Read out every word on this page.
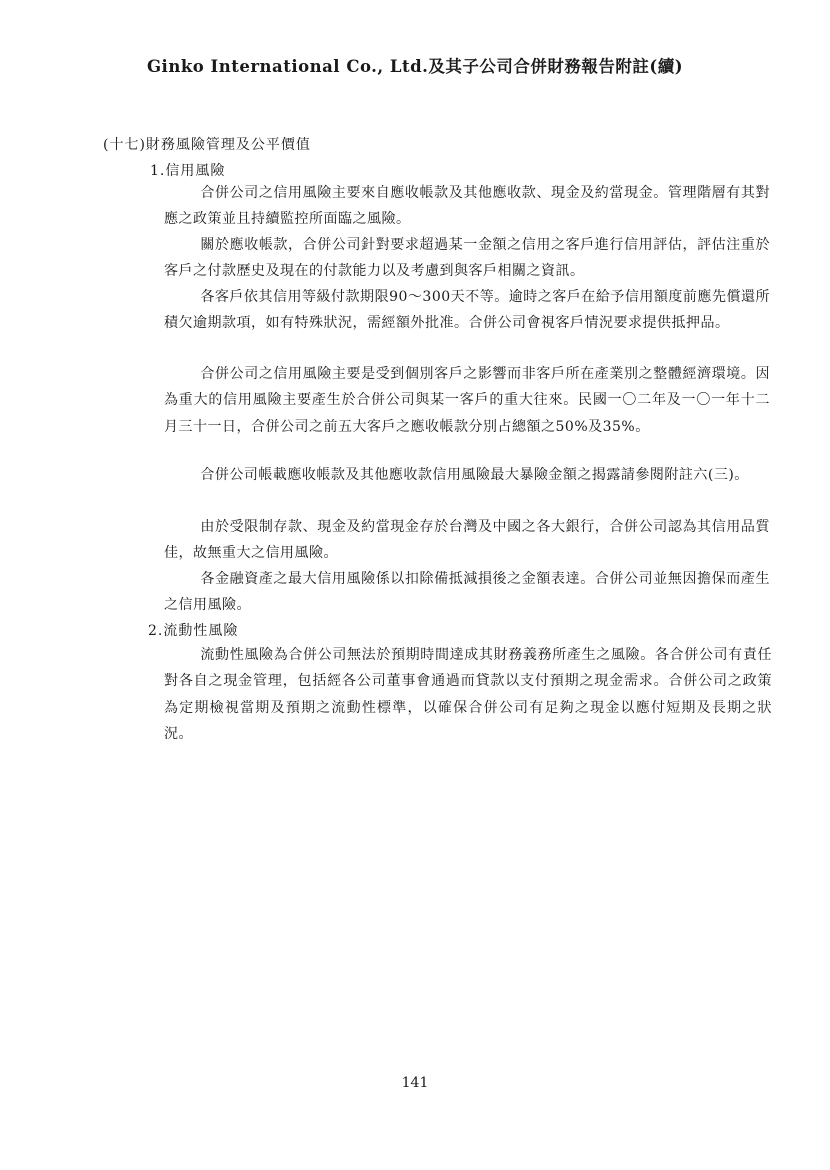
Ginko International Co., Ltd.及其子公司合併財務報告附註(續)
(十七)財務風險管理及公平價值
1.信用風險

合併公司之信用風險主要來自應收帳款及其他應收款、現金及約當現金。管理階層有其對應之政策並且持續監控所面臨之風險。

關於應收帳款，合併公司針對要求超過某一金額之信用之客戶進行信用評估，評估注重於客戶之付款歷史及現在的付款能力以及考慮到與客戶相關之資訊。

各客戶依其信用等級付款期限90～300天不等。逾時之客戶在給予信用額度前應先償還所積欠逾期款項，如有特殊狀況，需經額外批准。合併公司會視客戶情況要求提供抵押品。

合併公司之信用風險主要是受到個別客戶之影響而非客戶所在產業別之整體經濟環境。因為重大的信用風險主要產生於合併公司與某一客戶的重大往來。民國一〇二年及一〇一年十二月三十一日，合併公司之前五大客戶之應收帳款分別占總額之50%及35%。

合併公司帳載應收帳款及其他應收款信用風險最大暴險金額之揭露請參閱附註六(三)。

由於受限制存款、現金及約當現金存於台灣及中國之各大銀行，合併公司認為其信用品質佳，故無重大之信用風險。

各金融資產之最大信用風險係以扣除備抵減損後之金額表達。合併公司並無因擔保而產生之信用風險。

2.流動性風險

流動性風險為合併公司無法於預期時間達成其財務義務所產生之風險。各合併公司有責任對各自之現金管理，包括經各公司董事會通過而貸款以支付預期之現金需求。合併公司之政策為定期檢視當期及預期之流動性標準，以確保合併公司有足夠之現金以應付短期及長期之狀況。

141
